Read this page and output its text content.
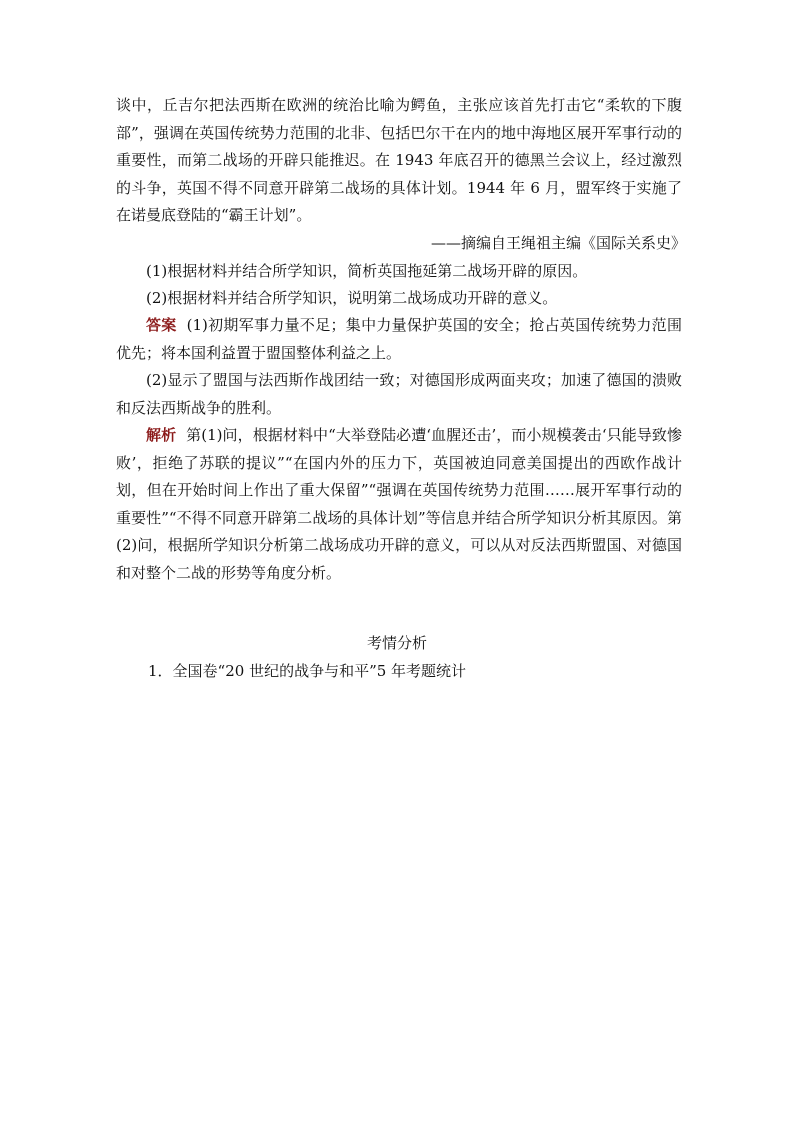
谈中，丘吉尔把法西斯在欧洲的统治比喻为鳄鱼，主张应该首先打击它“柔软的下腹部”，强调在英国传统势力范围的北非、包括巴尔干在内的地中海地区展开军事行动的重要性，而第二战场的开辟只能推迟。在 1943 年底召开的德黑兰会议上，经过激烈的斗争，英国不得不同意开辟第二战场的具体计划。1944 年 6 月，盟军终于实施了在诺曼底登陆的“霸王计划”。

——摘编自王绳祖主编《国际关系史》

(1)根据材料并结合所学知识，简析英国拖延第二战场开辟的原因。

(2)根据材料并结合所学知识，说明第二战场成功开辟的意义。

答案 (1)初期军事力量不足；集中力量保护英国的安全；抢占英国传统势力范围优先；将本国利益置于盟国整体利益之上。

(2)显示了盟国与法西斯作战团结一致；对德国形成两面夹攻；加速了德国的溃败和反法西斯战争的胜利。

解析 第(1)问，根据材料中“大举登陆必遭‘血腥还击’，而小规模袭击‘只能导致惨败’，拒绝了苏联的提议”“在国内外的压力下，英国被迫同意美国提出的西欧作战计划，但在开始时间上作出了重大保留”“强调在英国传统势力范围……展开军事行动的重要性”“不得不同意开辟第二战场的具体计划”等信息并结合所学知识分析其原因。第(2)问，根据所学知识分析第二战场成功开辟的意义，可以从对反法西斯盟国、对德国和对整个二战的形势等角度分析。

考情分析

1．全国卷“20 世纪的战争与和平”5 年考题统计
